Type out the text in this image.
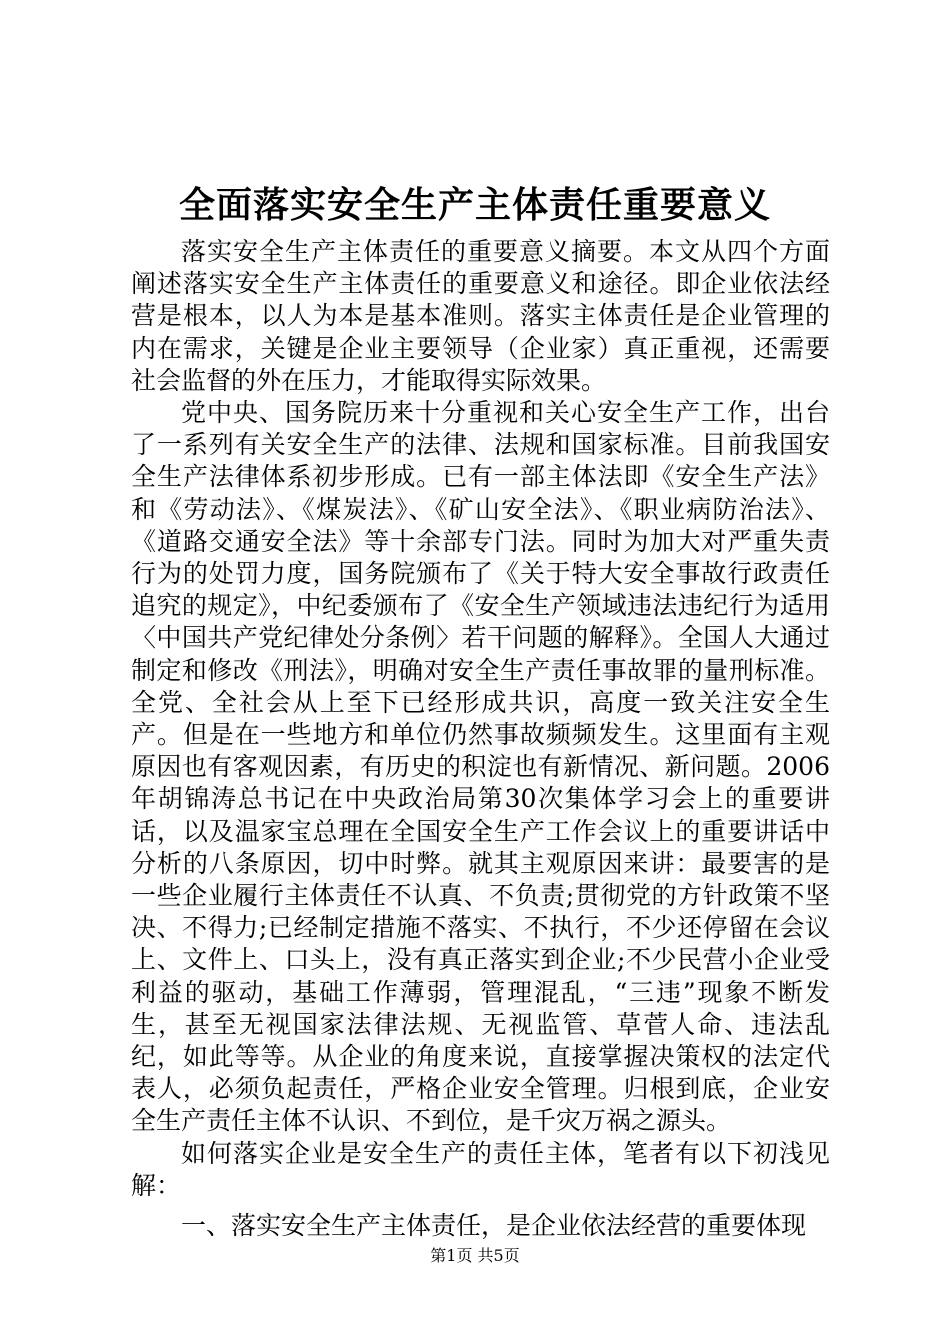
全面落实安全生产主体责任重要意义

落实安全生产主体责任的重要意义摘要。本文从四个方面阐述落实安全生产主体责任的重要意义和途径。即企业依法经营是根本，以人为本是基本准则。落实主体责任是企业管理的内在需求，关键是企业主要领导（企业家）真正重视，还需要社会监督的外在压力，才能取得实际效果。

党中央、国务院历来十分重视和关心安全生产工作，出台了一系列有关安全生产的法律、法规和国家标准。目前我国安全生产法律体系初步形成。已有一部主体法即《安全生产法》和《劳动法》、《煤炭法》、《矿山安全法》、《职业病防治法》、《道路交通安全法》等十余部专门法。同时为加大对严重失责行为的处罚力度，国务院颁布了《关于特大安全事故行政责任追究的规定》，中纪委颁布了《安全生产领域违法违纪行为适用〈中国共产党纪律处分条例〉若干问题的解释》。全国人大通过制定和修改《刑法》，明确对安全生产责任事故罪的量刑标准。全党、全社会从上至下已经形成共识，高度一致关注安全生产。但是在一些地方和单位仍然事故频频发生。这里面有主观原因也有客观因素，有历史的积淀也有新情况、新问题。2006年胡锦涛总书记在中央政治局第30次集体学习会上的重要讲话，以及温家宝总理在全国安全生产工作会议上的重要讲话中分析的八条原因，切中时弊。就其主观原因来讲：最要害的是一些企业履行主体责任不认真、不负责;贯彻党的方针政策不坚决、不得力;已经制定措施不落实、不执行，不少还停留在会议上、文件上、口头上，没有真正落实到企业;不少民营小企业受利益的驱动，基础工作薄弱，管理混乱，“三违”现象不断发生，甚至无视国家法律法规、无视监管、草菅人命、违法乱纪，如此等等。从企业的角度来说，直接掌握决策权的法定代表人，必须负起责任，严格企业安全管理。归根到底，企业安全生产责任主体不认识、不到位，是千灾万祸之源头。

如何落实企业是安全生产的责任主体，笔者有以下初浅见解：

一、落实安全生产主体责任，是企业依法经营的重要体现

第1页 共5页
